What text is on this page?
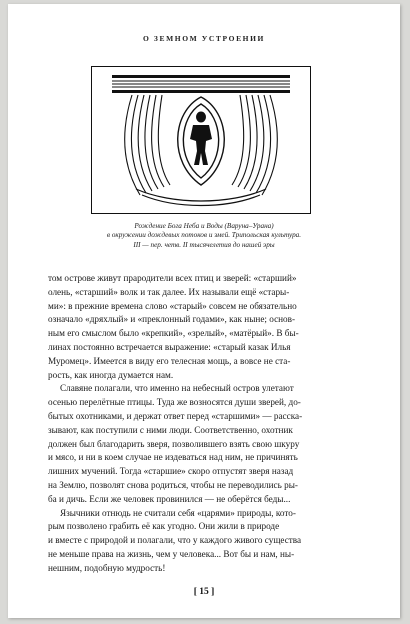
О ЗЕМНОМ УСТРОЕНИИ
Рождение Бога Неба и Воды (Варуна–Урана)
в окружении дождевых потоков и змей. Трипольская культура.
III — пер. четв. II тысячелетия до нашей эры
том острове живут прародители всех птиц и зверей: «старший»
олень, «старший» волк и так далее. Их называли ещё «стары-
ми»: в прежние времена слово «старый» совсем не обязательно
означало «дряхлый» и «преклонный годами», как ныне; основ-
ным его смыслом было «крепкий», «зрелый», «матёрый». В бы-
линах постоянно встречается выражение: «старый казак Илья
Муромец». Имеется в виду его телесная мощь, а вовсе не ста-
рость, как иногда думается нам.
Славяне полагали, что именно на небесный остров улетают
осенью перелётные птицы. Туда же возносятся души зверей, до-
бытых охотниками, и держат ответ перед «старшими» — расска-
зывают, как поступили с ними люди. Соответственно, охотник
должен был благодарить зверя, позволившего взять свою шкуру
и мясо, и ни в коем случае не издеваться над ним, не причинять
лишних мучений. Тогда «старшие» скоро отпустят зверя назад
на Землю, позволят снова родиться, чтобы не переводились ры-
ба и дичь. Если же человек провинился — не оберётся беды...
Язычники отнюдь не считали себя «царями» природы, кото-
рым позволено грабить её как угодно. Они жили в природе
и вместе с природой и полагали, что у каждого живого существа
не меньше права на жизнь, чем у человека... Вот бы и нам, ны-
нешним, подобную мудрость!
[ 15 ]
